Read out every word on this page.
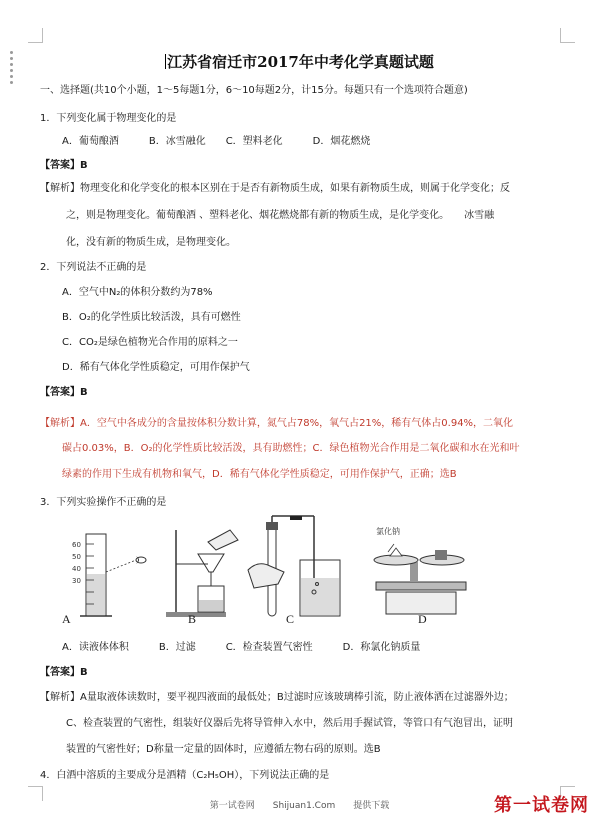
江苏省宿迁市2017年中考化学真题试题
一、选择题(共10个小题，1～5每题1分，6～10每题2分，计15分。每题只有一个选项符合题意)
1．下列变化属于物理变化的是
A．葡萄酿酒　　　B．冰雪融化　　C．塑料老化　　　D．烟花燃烧
【答案】B
【解析】物理变化和化学变化的根本区别在于是否有新物质生成，如果有新物质生成，则属于化学变化；反
之，则是物理变化。葡萄酿酒 、塑料老化、烟花燃烧都有新的物质生成，是化学变化。　　冰雪融
化，没有新的物质生成，是物理变化。
2．下列说法不正确的是
A．空气中N₂的体积分数约为78%
B．O₂的化学性质比较活泼，具有可燃性
C．CO₂是绿色植物光合作用的原料之一
D．稀有气体化学性质稳定，可用作保护气
【答案】B
【解析】A．空气中各成分的含量按体积分数计算，氮气占78%，氧气占21%，稀有气体占0.94%，二氧化
碳占0.03%，B．O₂的化学性质比较活泼，具有助燃性；C．绿色植物光合作用是二氧化碳和水在光和叶
绿素的作用下生成有机物和氧气，D．稀有气体化学性质稳定，可用作保护气，正确；选B
3．下列实验操作不正确的是
60
50
40
30
氯化钠
A	B	C	D
A．读液体体积　　　B．过滤　　　C．检查装置气密性　　　D．称氯化钠质量
【答案】B
【解析】A量取液体读数时，要平视四液面的最低处；B过滤时应该玻璃棒引流，防止液体洒在过滤器外边；
C、检查装置的气密性，组装好仪器后先将导管伸入水中，然后用手握试管，等管口有气泡冒出，证明
装置的气密性好；D称量一定量的固体时，应遵循左物右码的原则。选B
4．白酒中溶质的主要成分是酒精（C₂H₅OH），下列说法正确的是
第一试卷网　　Shijuan1.Com　　提供下载	第一试卷网
